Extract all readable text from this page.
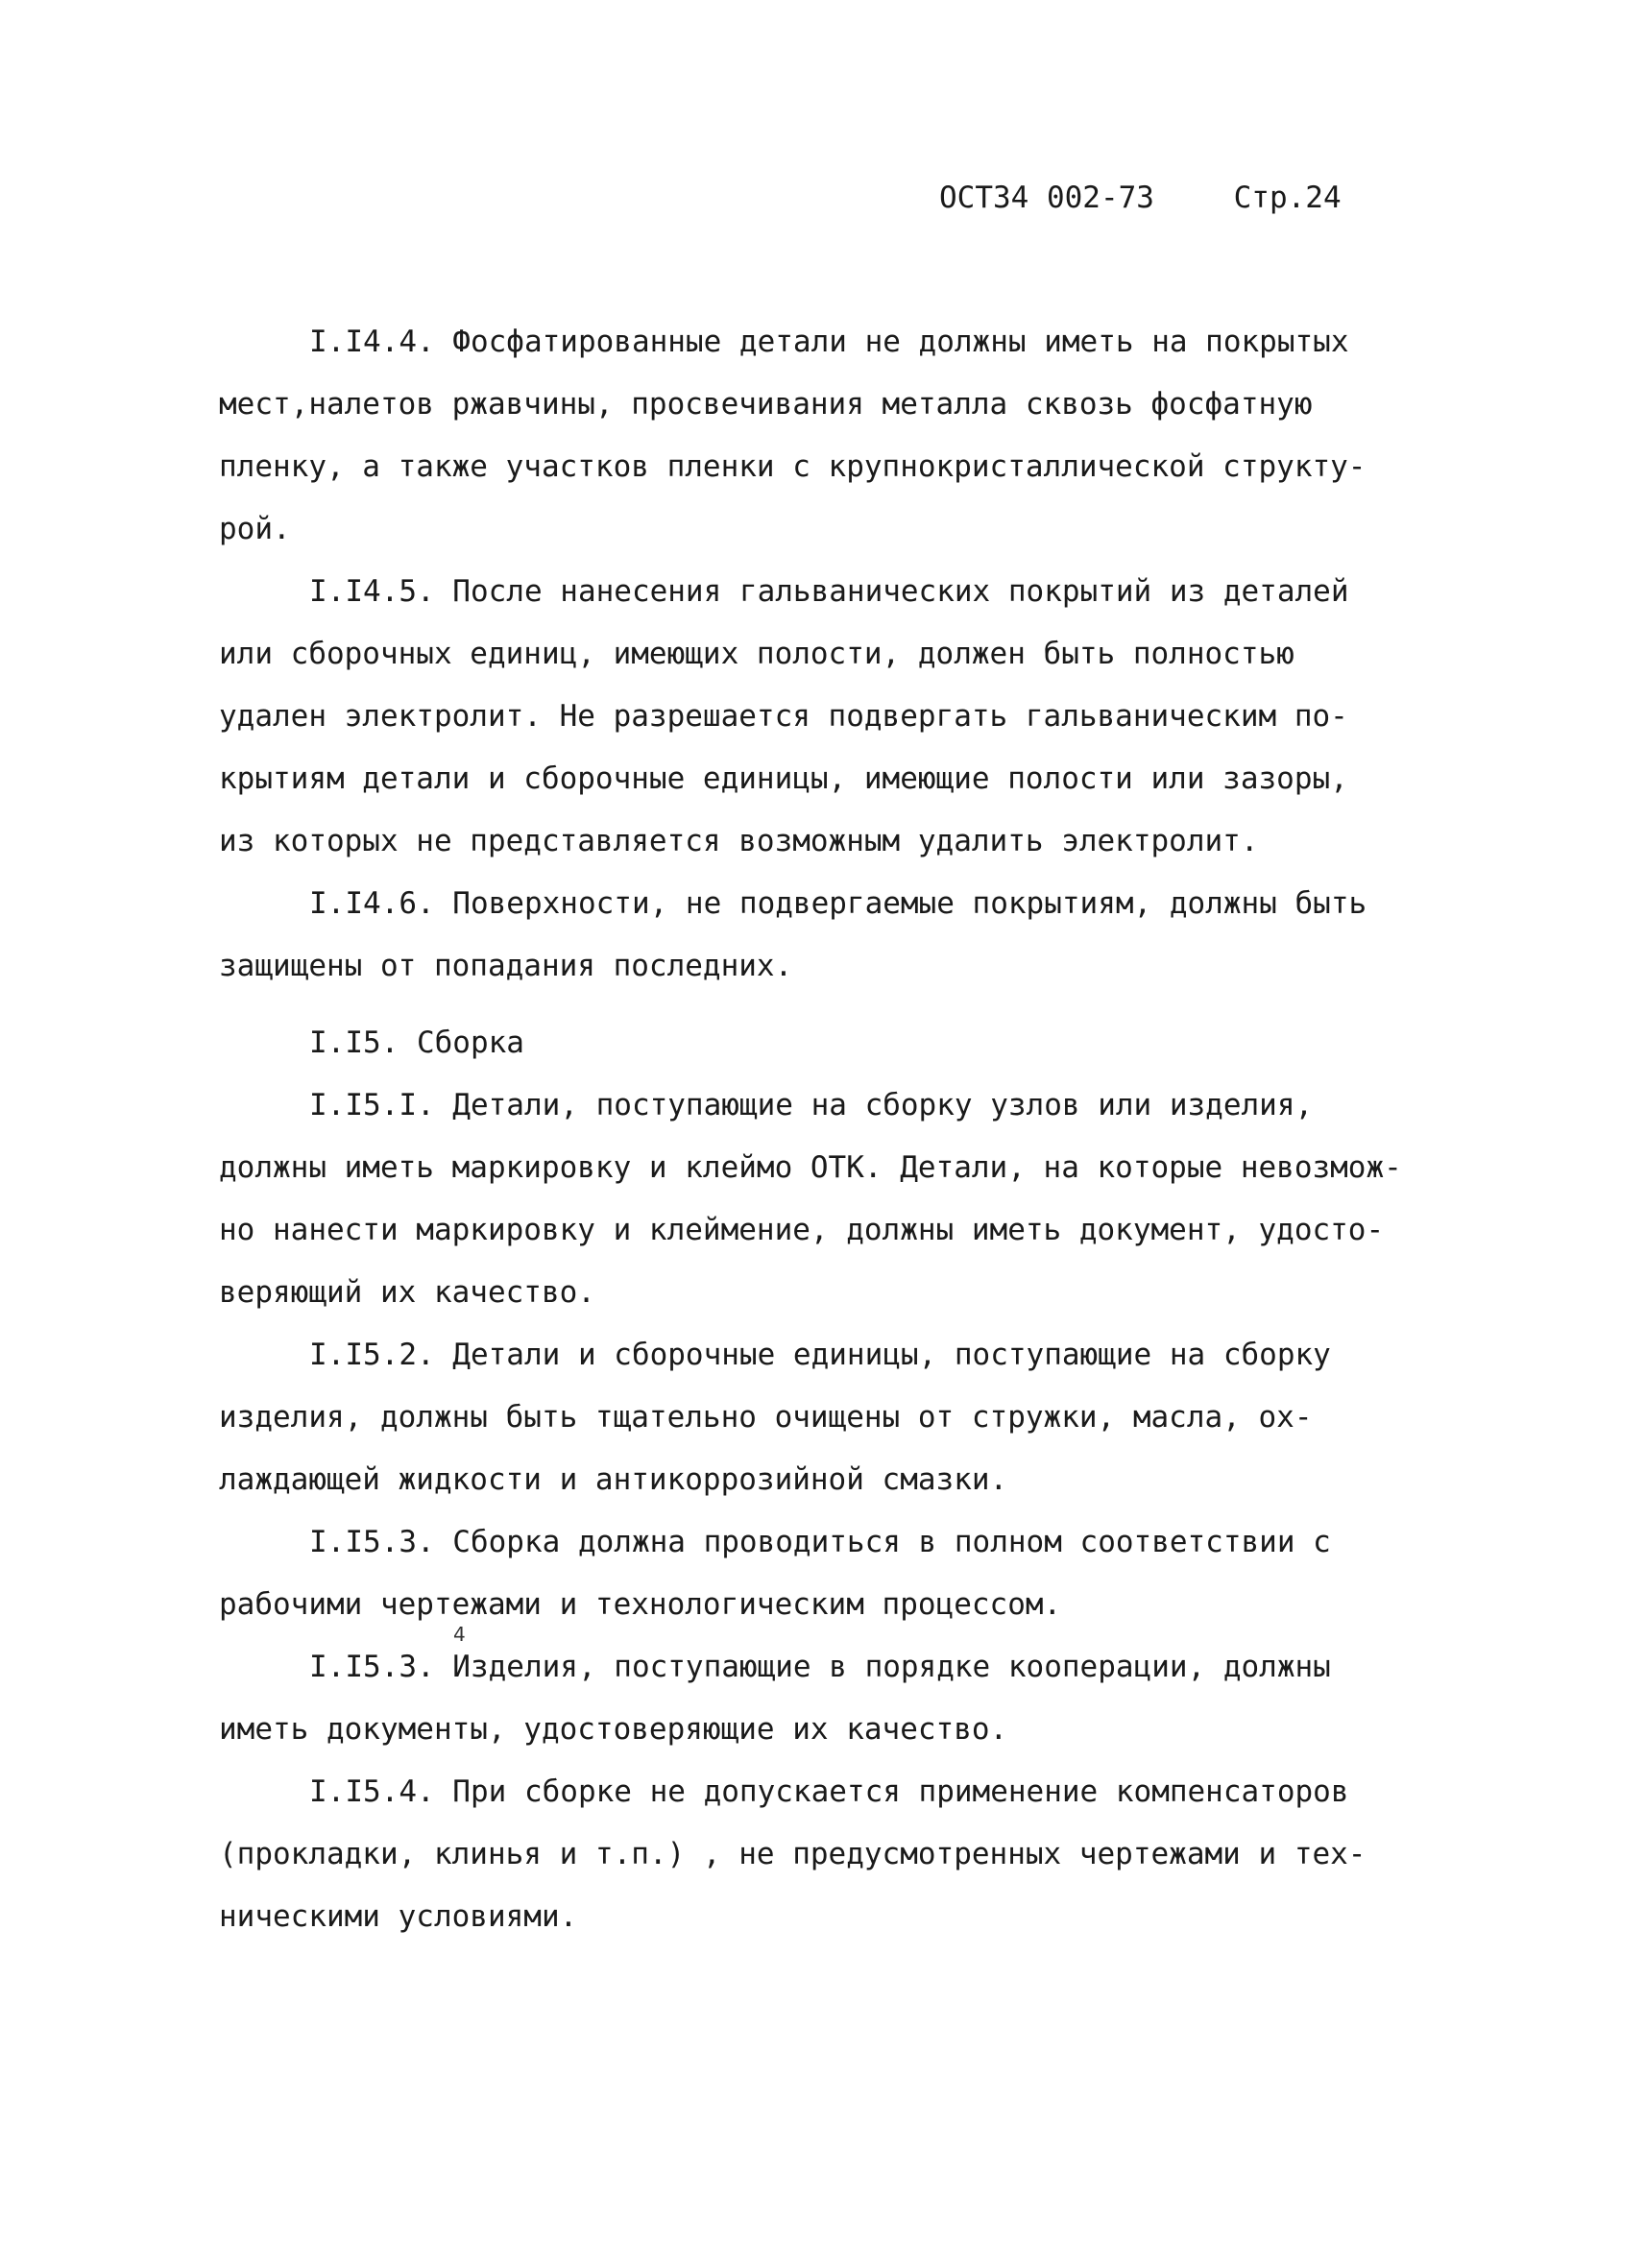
ОСТ34 002-73	Стр.24
I.I4.4. Фосфатированные детали не должны иметь на покрытых
мест,налетов ржавчины, просвечивания металла сквозь фосфатную
пленку, а также участков пленки с крупнокристаллической структу-
рой.
I.I4.5. После нанесения гальванических покрытий из деталей
или сборочных единиц, имеющих полости, должен быть полностью
удален электролит. Не разрешается подвергать гальваническим по-
крытиям детали и сборочные единицы, имеющие полости или зазоры,
из которых не представляется возможным удалить электролит.
I.I4.6. Поверхности, не подвергаемые покрытиям, должны быть
защищены от попадания последних.
I.I5. Сборка
I.I5.I. Детали, поступающие на сборку узлов или изделия,
должны иметь маркировку и клеймо ОТК. Детали, на которые невозмож-
но нанести маркировку и клеймение, должны иметь документ, удосто-
веряющий их качество.
I.I5.2. Детали и сборочные единицы, поступающие на сборку
изделия, должны быть тщательно очищены от стружки, масла, ох-
лаждающей жидкости и антикоррозийной смазки.
I.I5.3. Сборка должна проводиться в полном соответствии с
рабочими чертежами и технологическим процессом.
I.I5.3. Изделия, поступающие в порядке кооперации, должны
4
иметь документы, удостоверяющие их качество.
I.I5.4. При сборке не допускается применение компенсаторов
(прокладки, клинья и т.п.) , не предусмотренных чертежами и тех-
ническими условиями.
